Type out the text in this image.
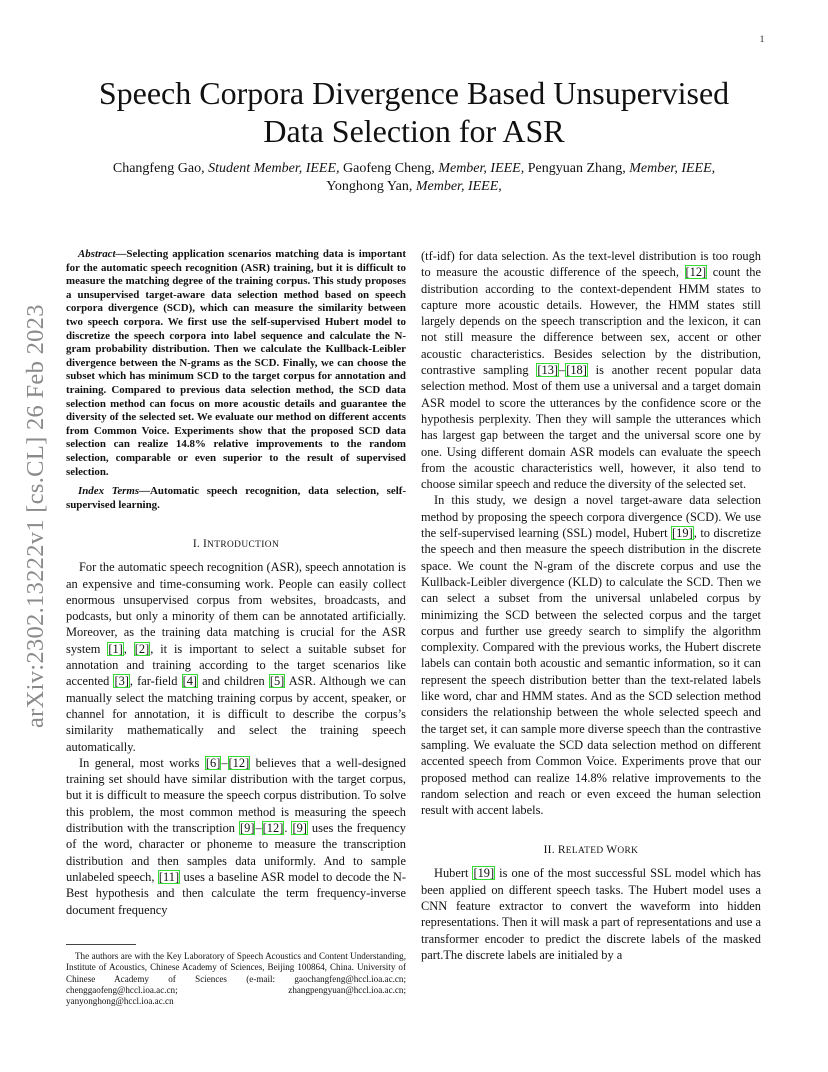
1
arXiv:2302.13222v1 [cs.CL] 26 Feb 2023
Speech Corpora Divergence Based Unsupervised
Data Selection for ASR
Changfeng Gao, Student Member, IEEE, Gaofeng Cheng, Member, IEEE, Pengyuan Zhang, Member, IEEE,
Yonghong Yan, Member, IEEE,

Abstract—Selecting application scenarios matching data is important for the automatic speech recognition (ASR) training, but it is difficult to measure the matching degree of the training corpus. This study proposes a unsupervised target-aware data selection method based on speech corpora divergence (SCD), which can measure the similarity between two speech corpora. We first use the self-supervised Hubert model to discretize the speech corpora into label sequence and calculate the N-gram probability distribution. Then we calculate the Kullback-Leibler divergence between the N-grams as the SCD. Finally, we can choose the subset which has minimum SCD to the target corpus for annotation and training. Compared to previous data selection method, the SCD data selection method can focus on more acoustic details and guarantee the diversity of the selected set. We evaluate our method on different accents from Common Voice. Experiments show that the proposed SCD data selection can realize 14.8% relative improvements to the random selection, comparable or even superior to the result of supervised selection.

Index Terms—Automatic speech recognition, data selection, self-supervised learning.

I. INTRODUCTION

For the automatic speech recognition (ASR), speech annotation is an expensive and time-consuming work. People can easily collect enormous unsupervised corpus from websites, broadcasts, and podcasts, but only a minority of them can be annotated artificially. Moreover, as the training data matching is crucial for the ASR system [1], [2], it is important to select a suitable subset for annotation and training according to the target scenarios like accented [3], far-field [4] and children [5] ASR. Although we can manually select the matching training corpus by accent, speaker, or channel for annotation, it is difficult to describe the corpus’s similarity mathematically and select the training speech automatically.

In general, most works [6]–[12] believes that a well-designed training set should have similar distribution with the target corpus, but it is difficult to measure the speech corpus distribution. To solve this problem, the most common method is measuring the speech distribution with the transcription [9]–[12]. [9] uses the frequency of the word, character or phoneme to measure the transcription distribution and then samples data uniformly. And to sample unlabeled speech, [11] uses a baseline ASR model to decode the N-Best hypothesis and then calculate the term frequency-inverse document frequency

The authors are with the Key Laboratory of Speech Acoustics and Content Understanding, Institute of Acoustics, Chinese Academy of Sciences, Beijing 100864, China. University of Chinese Academy of Sciences (e-mail: gaochangfeng@hccl.ioa.ac.cn; chenggaofeng@hccl.ioa.ac.cn; zhangpengyuan@hccl.ioa.ac.cn; yanyonghong@hccl.ioa.ac.cn

(tf-idf) for data selection. As the text-level distribution is too rough to measure the acoustic difference of the speech, [12] count the distribution according to the context-dependent HMM states to capture more acoustic details. However, the HMM states still largely depends on the speech transcription and the lexicon, it can not still measure the difference between sex, accent or other acoustic characteristics. Besides selection by the distribution, contrastive sampling [13]–[18] is another recent popular data selection method. Most of them use a universal and a target domain ASR model to score the utterances by the confidence score or the hypothesis perplexity. Then they will sample the utterances which has largest gap between the target and the universal score one by one. Using different domain ASR models can evaluate the speech from the acoustic characteristics well, however, it also tend to choose similar speech and reduce the diversity of the selected set.

In this study, we design a novel target-aware data selection method by proposing the speech corpora divergence (SCD). We use the self-supervised learning (SSL) model, Hubert [19], to discretize the speech and then measure the speech distribution in the discrete space. We count the N-gram of the discrete corpus and use the Kullback-Leibler divergence (KLD) to calculate the SCD. Then we can select a subset from the universal unlabeled corpus by minimizing the SCD between the selected corpus and the target corpus and further use greedy search to simplify the algorithm complexity. Compared with the previous works, the Hubert discrete labels can contain both acoustic and semantic information, so it can represent the speech distribution better than the text-related labels like word, char and HMM states. And as the SCD selection method considers the relationship between the whole selected speech and the target set, it can sample more diverse speech than the contrastive sampling. We evaluate the SCD data selection method on different accented speech from Common Voice. Experiments prove that our proposed method can realize 14.8% relative improvements to the random selection and reach or even exceed the human selection result with accent labels.

II. RELATED WORK

Hubert [19] is one of the most successful SSL model which has been applied on different speech tasks. The Hubert model uses a CNN feature extractor to convert the waveform into hidden representations. Then it will mask a part of representations and use a transformer encoder to predict the discrete labels of the masked part.The discrete labels are initialed by a
